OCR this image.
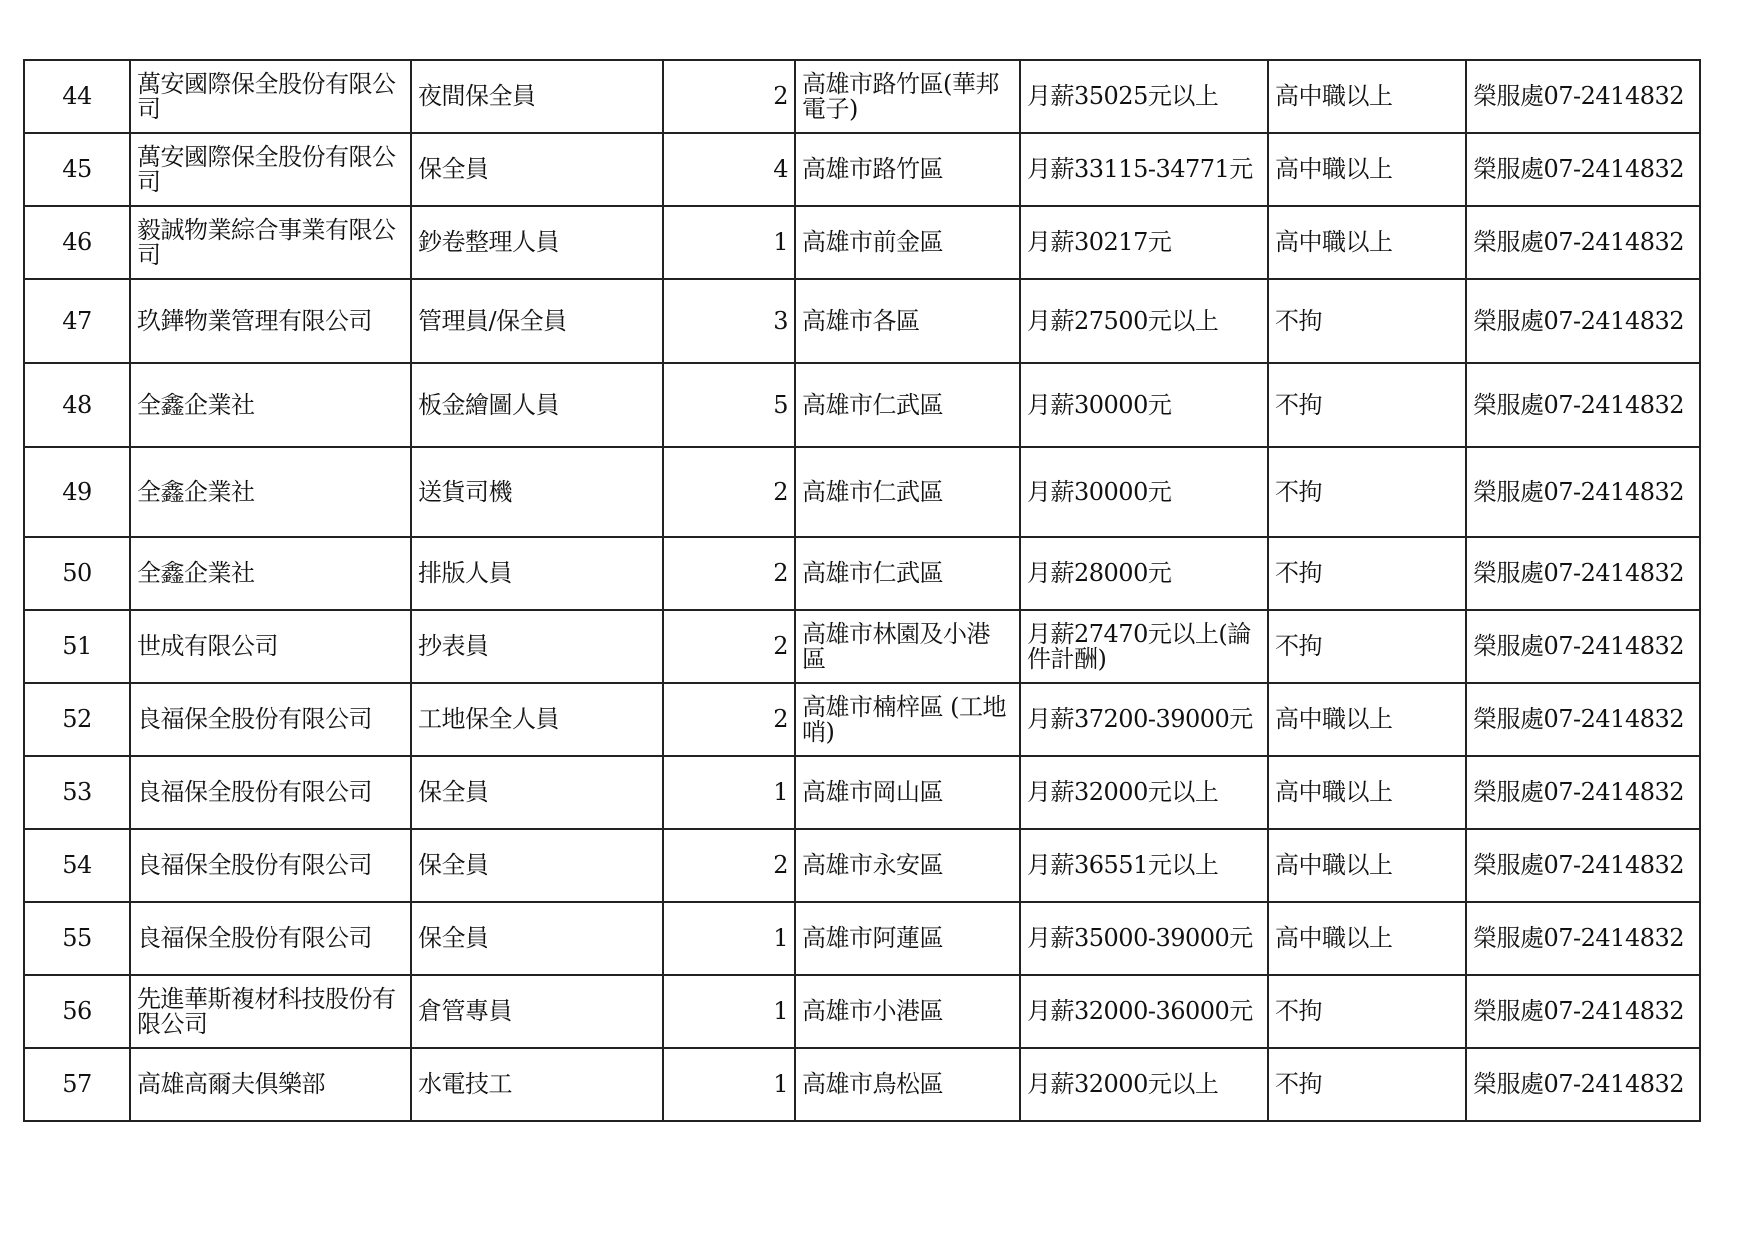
44	萬安國際保全股份有限公司	夜間保全員	2	高雄市路竹區(華邦電子)	月薪35025元以上	高中職以上	榮服處07-2414832
45	萬安國際保全股份有限公司	保全員	4	高雄市路竹區	月薪33115-34771元	高中職以上	榮服處07-2414832
46	毅誠物業綜合事業有限公司	鈔卷整理人員	1	高雄市前金區	月薪30217元	高中職以上	榮服處07-2414832
47	玖鏵物業管理有限公司	管理員/保全員	3	高雄市各區	月薪27500元以上	不拘	榮服處07-2414832
48	全鑫企業社	板金繪圖人員	5	高雄市仁武區	月薪30000元	不拘	榮服處07-2414832
49	全鑫企業社	送貨司機	2	高雄市仁武區	月薪30000元	不拘	榮服處07-2414832
50	全鑫企業社	排版人員	2	高雄市仁武區	月薪28000元	不拘	榮服處07-2414832
51	世成有限公司	抄表員	2	高雄市林園及小港區	月薪27470元以上(論件計酬)	不拘	榮服處07-2414832
52	良福保全股份有限公司	工地保全人員	2	高雄市楠梓區 (工地哨)	月薪37200-39000元	高中職以上	榮服處07-2414832
53	良福保全股份有限公司	保全員	1	高雄市岡山區	月薪32000元以上	高中職以上	榮服處07-2414832
54	良福保全股份有限公司	保全員	2	高雄市永安區	月薪36551元以上	高中職以上	榮服處07-2414832
55	良福保全股份有限公司	保全員	1	高雄市阿蓮區	月薪35000-39000元	高中職以上	榮服處07-2414832
56	先進華斯複材科技股份有限公司	倉管專員	1	高雄市小港區	月薪32000-36000元	不拘	榮服處07-2414832
57	高雄高爾夫俱樂部	水電技工	1	高雄市鳥松區	月薪32000元以上	不拘	榮服處07-2414832
